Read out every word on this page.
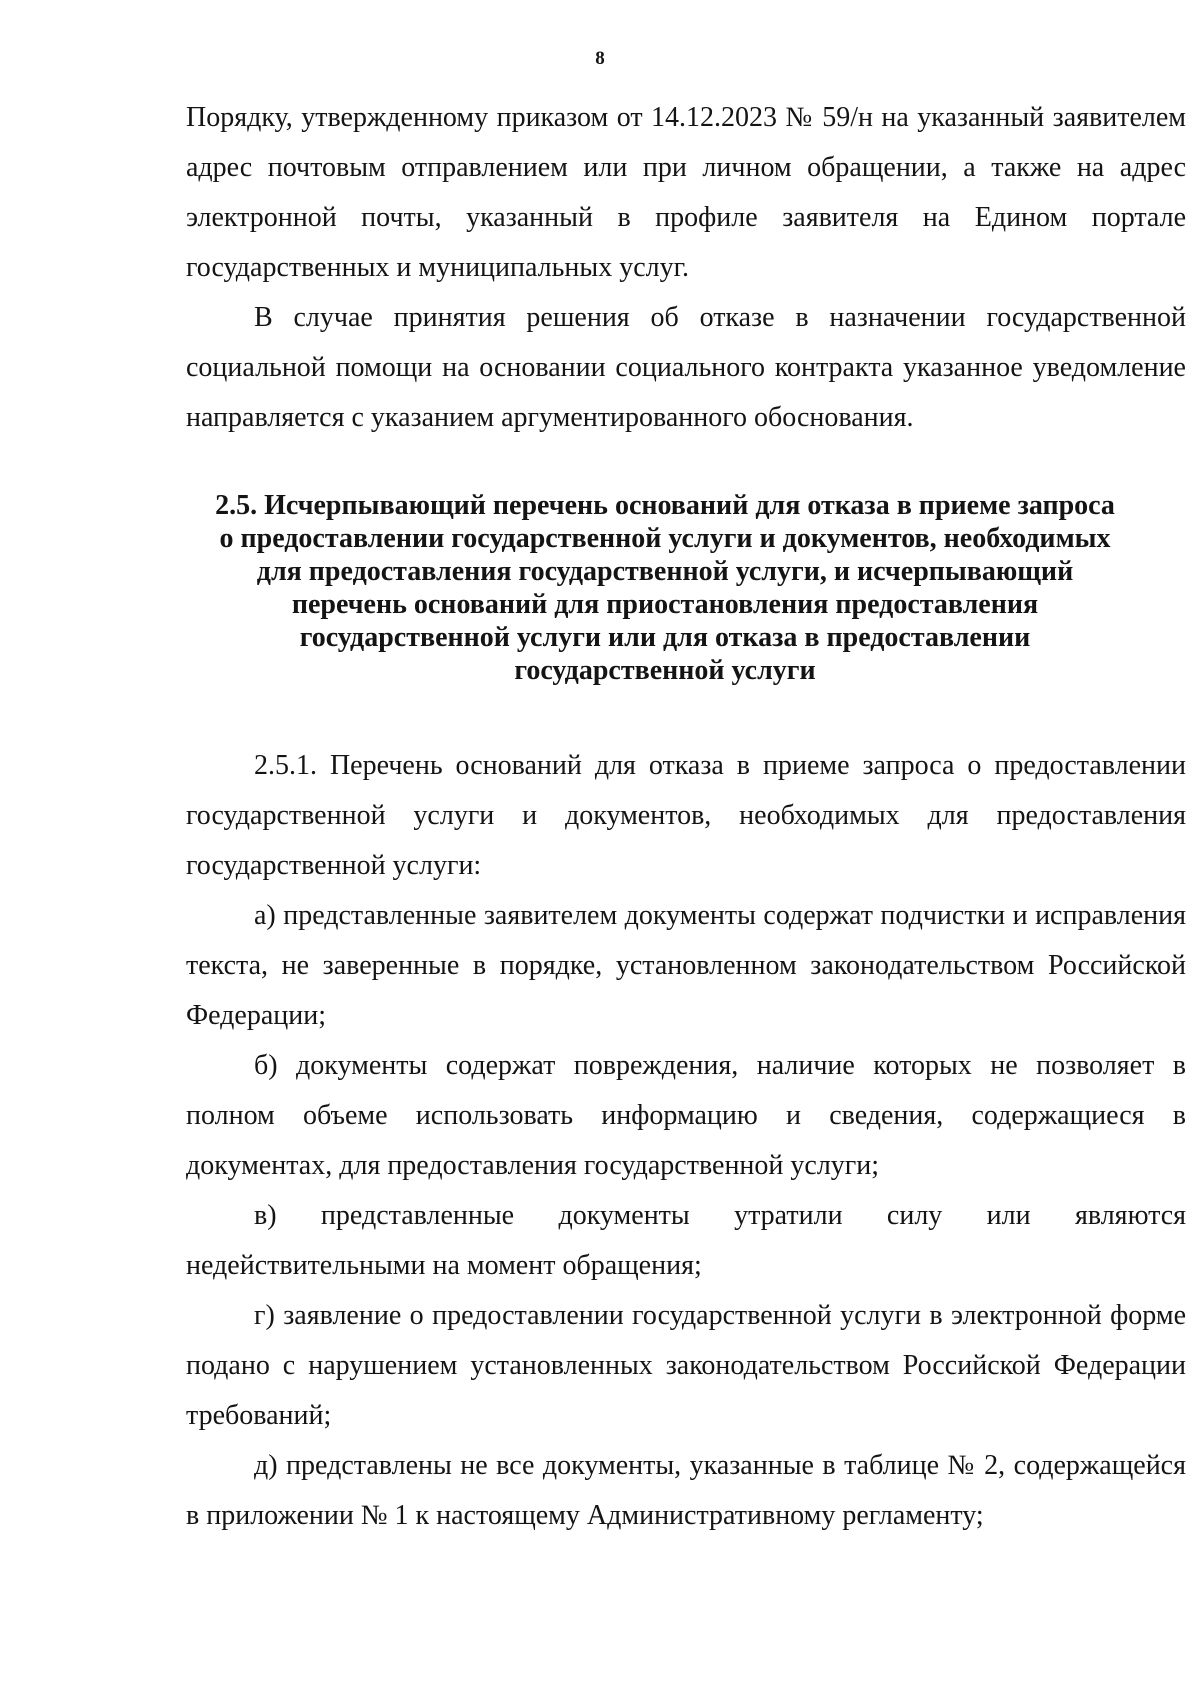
8

Порядку, утвержденному приказом от 14.12.2023 № 59/н на указанный заявителем адрес почтовым отправлением или при личном обращении, а также на адрес электронной почты, указанный в профиле заявителя на Едином портале государственных и муниципальных услуг.

В случае принятия решения об отказе в назначении государственной социальной помощи на основании социального контракта указанное уведомление направляется с указанием аргументированного обоснования.

2.5. Исчерпывающий перечень оснований для отказа в приеме запроса о предоставлении государственной услуги и документов, необходимых для предоставления государственной услуги, и исчерпывающий перечень оснований для приостановления предоставления государственной услуги или для отказа в предоставлении государственной услуги

2.5.1. Перечень оснований для отказа в приеме запроса о предоставлении государственной услуги и документов, необходимых для предоставления государственной услуги:

а) представленные заявителем документы содержат подчистки и исправления текста, не заверенные в порядке, установленном законодательством Российской Федерации;

б) документы содержат повреждения, наличие которых не позволяет в полном объеме использовать информацию и сведения, содержащиеся в документах, для предоставления государственной услуги;

в) представленные документы утратили силу или являются недействительными на момент обращения;

г) заявление о предоставлении государственной услуги в электронной форме подано с нарушением установленных законодательством Российской Федерации требований;

д) представлены не все документы, указанные в таблице № 2, содержащейся в приложении № 1 к настоящему Административному регламенту;
